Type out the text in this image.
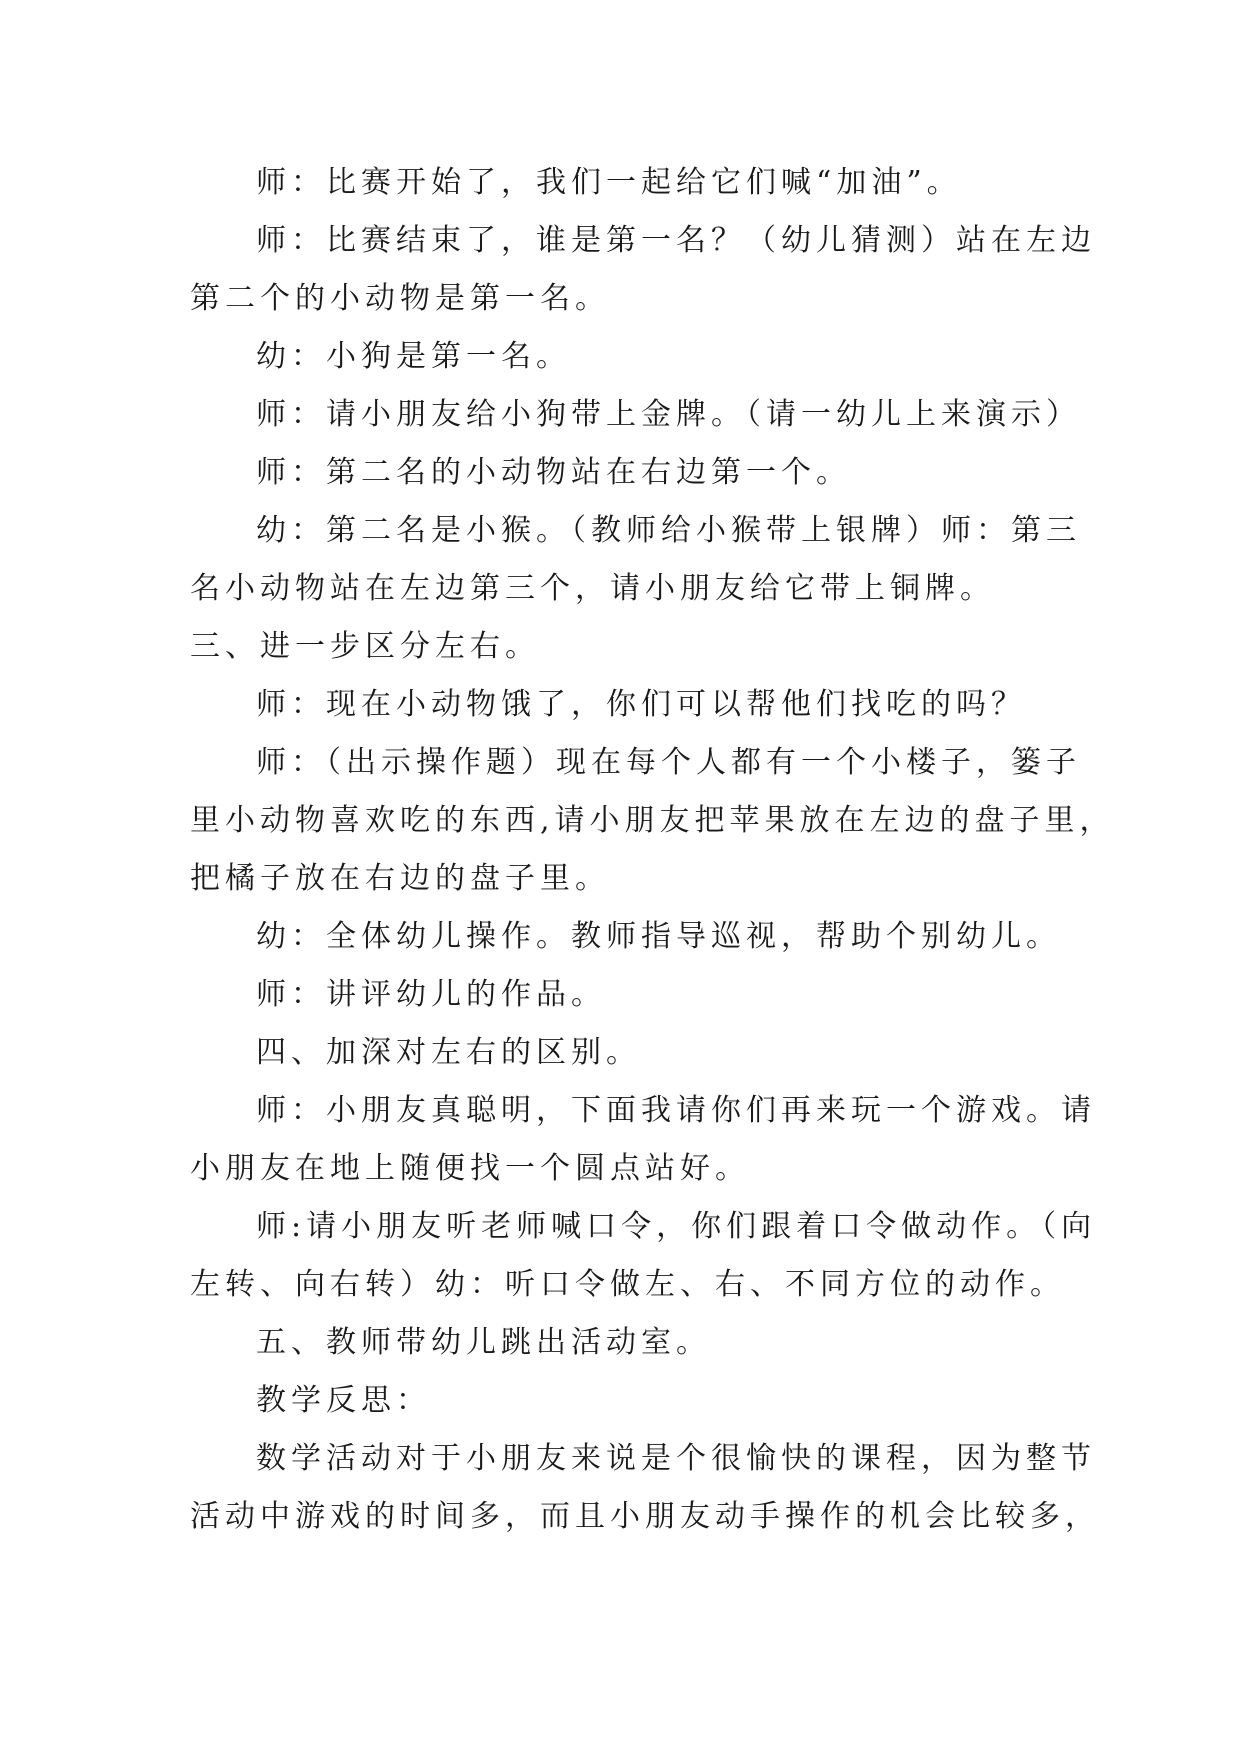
师：比赛开始了，我们一起给它们喊“加油”。
师：比赛结束了，谁是第一名？（幼儿猜测）站在左边
第二个的小动物是第一名。
幼：小狗是第一名。
师：请小朋友给小狗带上金牌。（请一幼儿上来演示）
师：第二名的小动物站在右边第一个。
幼：第二名是小猴。（教师给小猴带上银牌）师：第三
名小动物站在左边第三个，请小朋友给它带上铜牌。
三、进一步区分左右。
师：现在小动物饿了，你们可以帮他们找吃的吗？
师：（出示操作题）现在每个人都有一个小楼子，篓子
里小动物喜欢吃的东西,请小朋友把苹果放在左边的盘子里，
把橘子放在右边的盘子里。
幼：全体幼儿操作。教师指导巡视，帮助个别幼儿。
师：讲评幼儿的作品。
四、加深对左右的区别。
师：小朋友真聪明，下面我请你们再来玩一个游戏。请
小朋友在地上随便找一个圆点站好。
师:请小朋友听老师喊口令，你们跟着口令做动作。（向
左转、向右转）幼：听口令做左、右、不同方位的动作。
五、教师带幼儿跳出活动室。
教学反思：
数学活动对于小朋友来说是个很愉快的课程，因为整节
活动中游戏的时间多，而且小朋友动手操作的机会比较多，
